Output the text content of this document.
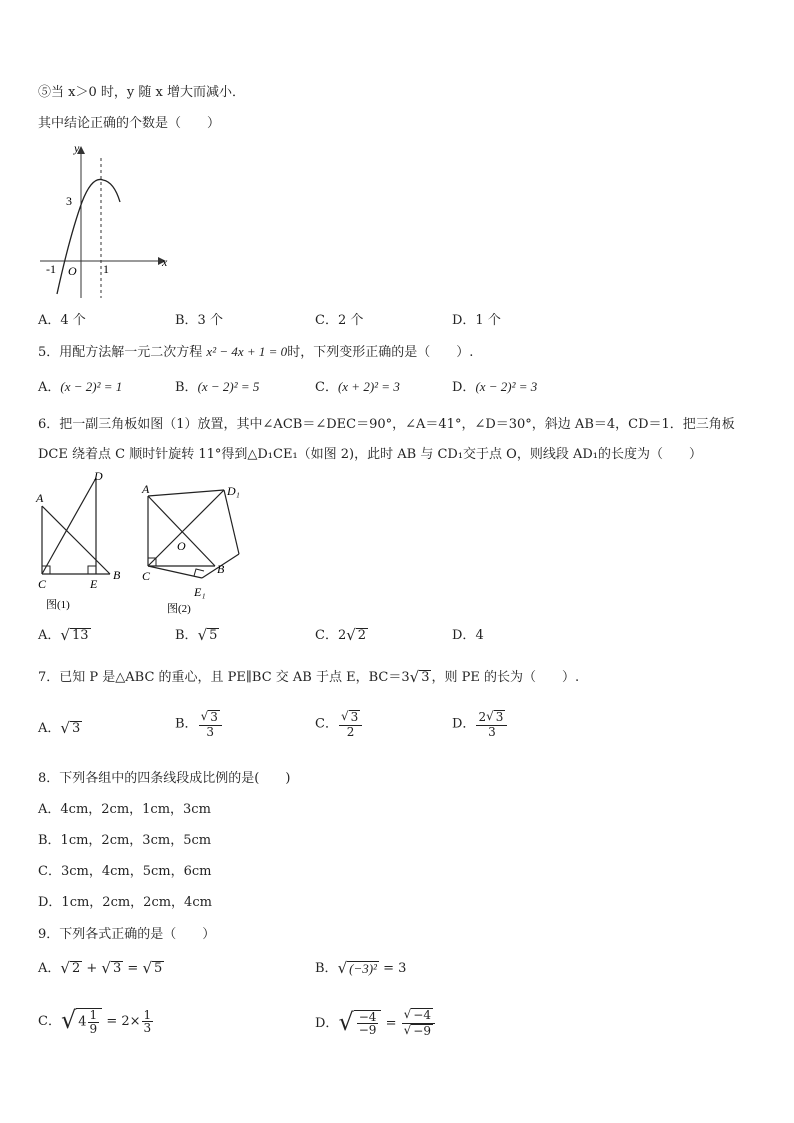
⑤当 x＞0 时，y 随 x 增大而减小．
其中结论正确的个数是（　　）
y
x
3
-1 O 1
A．4 个	B．3 个	C．2 个	D．1 个
5．用配方法解一元二次方程 x² − 4x + 1 = 0时，下列变形正确的是（　　）.
A．(x − 2)² = 1	B．(x − 2)² = 5	C．(x + 2)² = 3	D．(x − 2)² = 3
6．把一副三角板如图（1）放置，其中∠ACB＝∠DEC＝90°，∠A＝41°，∠D＝30°，斜边 AB＝4，CD＝1．把三角板
DCE 绕着点 C 顺时针旋转 11°得到△D₁CE₁（如图 2)，此时 AB 与 CD₁交于点 O，则线段 AD₁的长度为（　　）
A
D
C	E
B
图(1)
A	D₁
O
C	B
E₁
图(2)
A． √ 13	B． √ 5	C．2 √ 2	D．4
7．已知 P 是△ABC 的重心，且 PE∥BC 交 AB 于点 E，BC＝3 √ 3 ，则 PE 的长为（　　）.
A． √ 3	B． $\frac{√ 3}{3}$	C． $\frac{√ 3}{2}$	D． $\frac{2 √ 3}{3}$
8．下列各组中的四条线段成比例的是(　　)
A．4cm，2cm，1cm，3cm
B．1cm，2cm，3cm，5cm
C．3cm，4cm，5cm，6cm
D．1cm，2cm，2cm，4cm
9．下列各式正确的是（　　）
A． √ 2 + √ 3 = √ 5	B． √ (−3)² = 3
C． √ $4 \frac{1}{9} = 2\times \frac{1}{3}$	D． √ $\frac{-4}{-9} = \frac{√ -4}{√ -9}$
